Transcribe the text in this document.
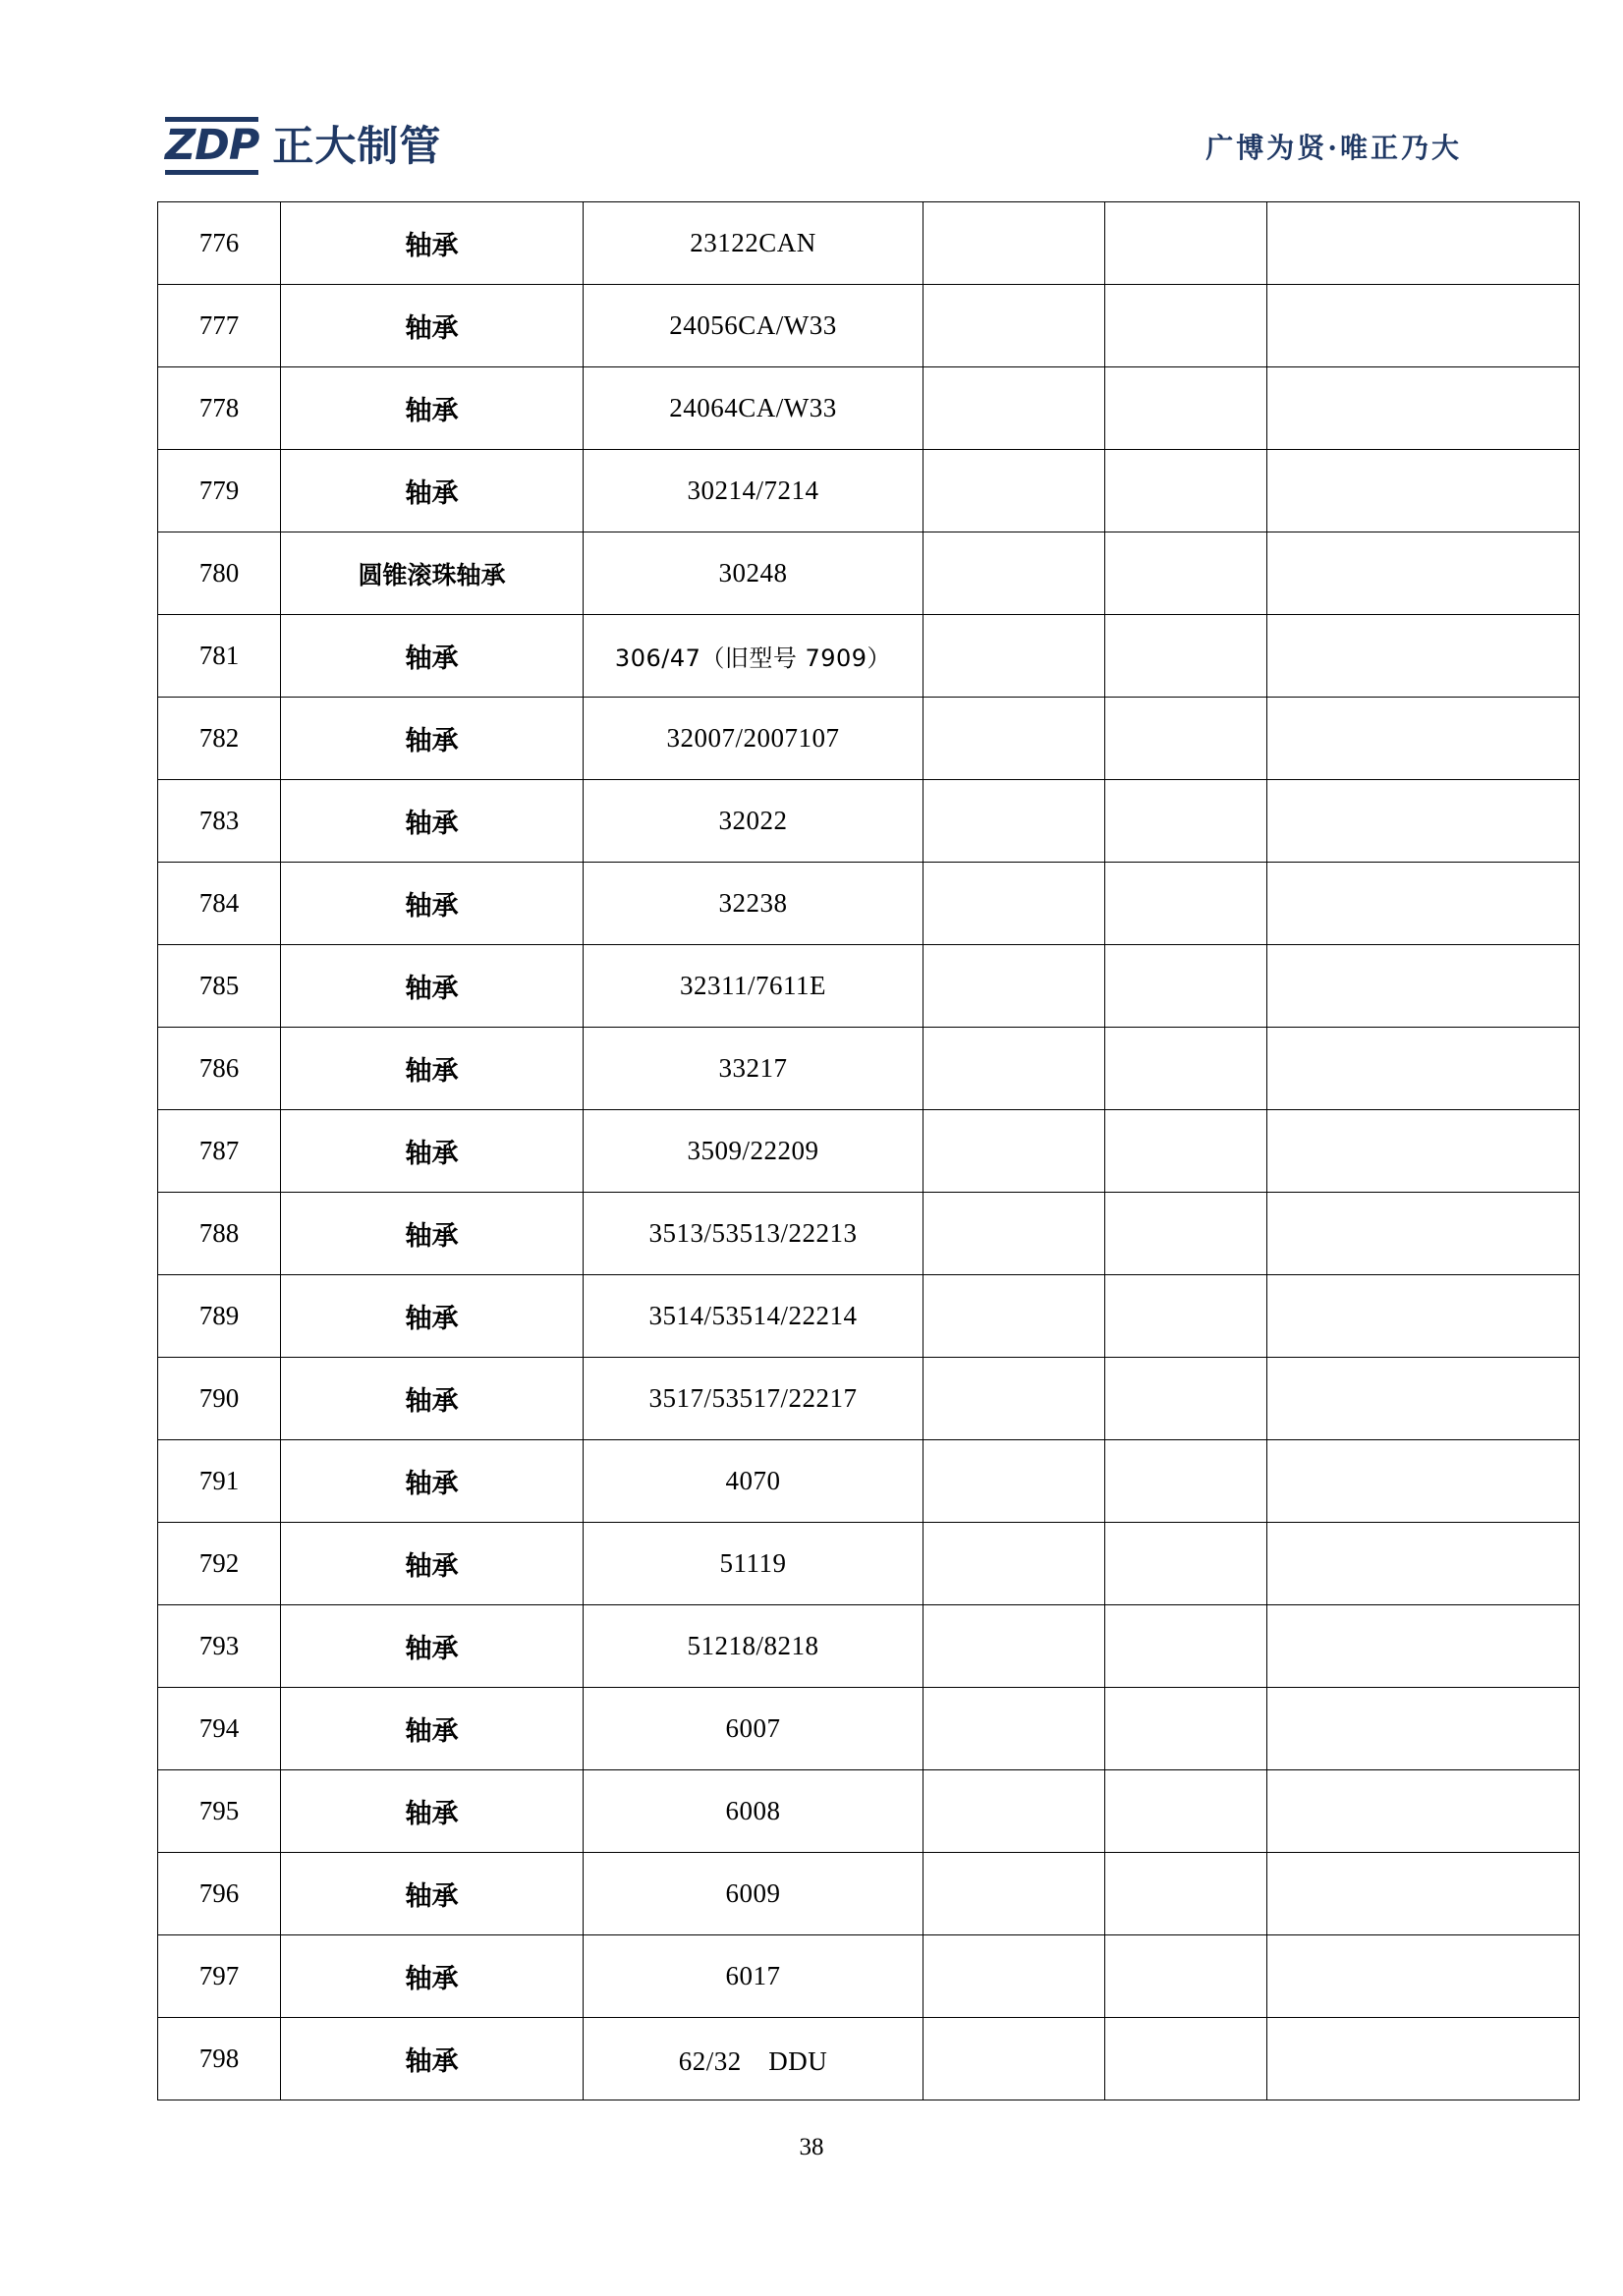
ZDP 正大制管	广博为贤·唯正乃大
776	轴承	23122CAN			
777	轴承	24056CA/W33			
778	轴承	24064CA/W33			
779	轴承	30214/7214			
780	圆锥滚珠轴承	30248			
781	轴承	306/47（旧型号 7909）			
782	轴承	32007/2007107			
783	轴承	32022			
784	轴承	32238			
785	轴承	32311/7611E			
786	轴承	33217			
787	轴承	3509/22209			
788	轴承	3513/53513/22213			
789	轴承	3514/53514/22214			
790	轴承	3517/53517/22217			
791	轴承	4070			
792	轴承	51119			
793	轴承	51218/8218			
794	轴承	6007			
795	轴承	6008			
796	轴承	6009			
797	轴承	6017			
798	轴承	62/32　DDU			
38
